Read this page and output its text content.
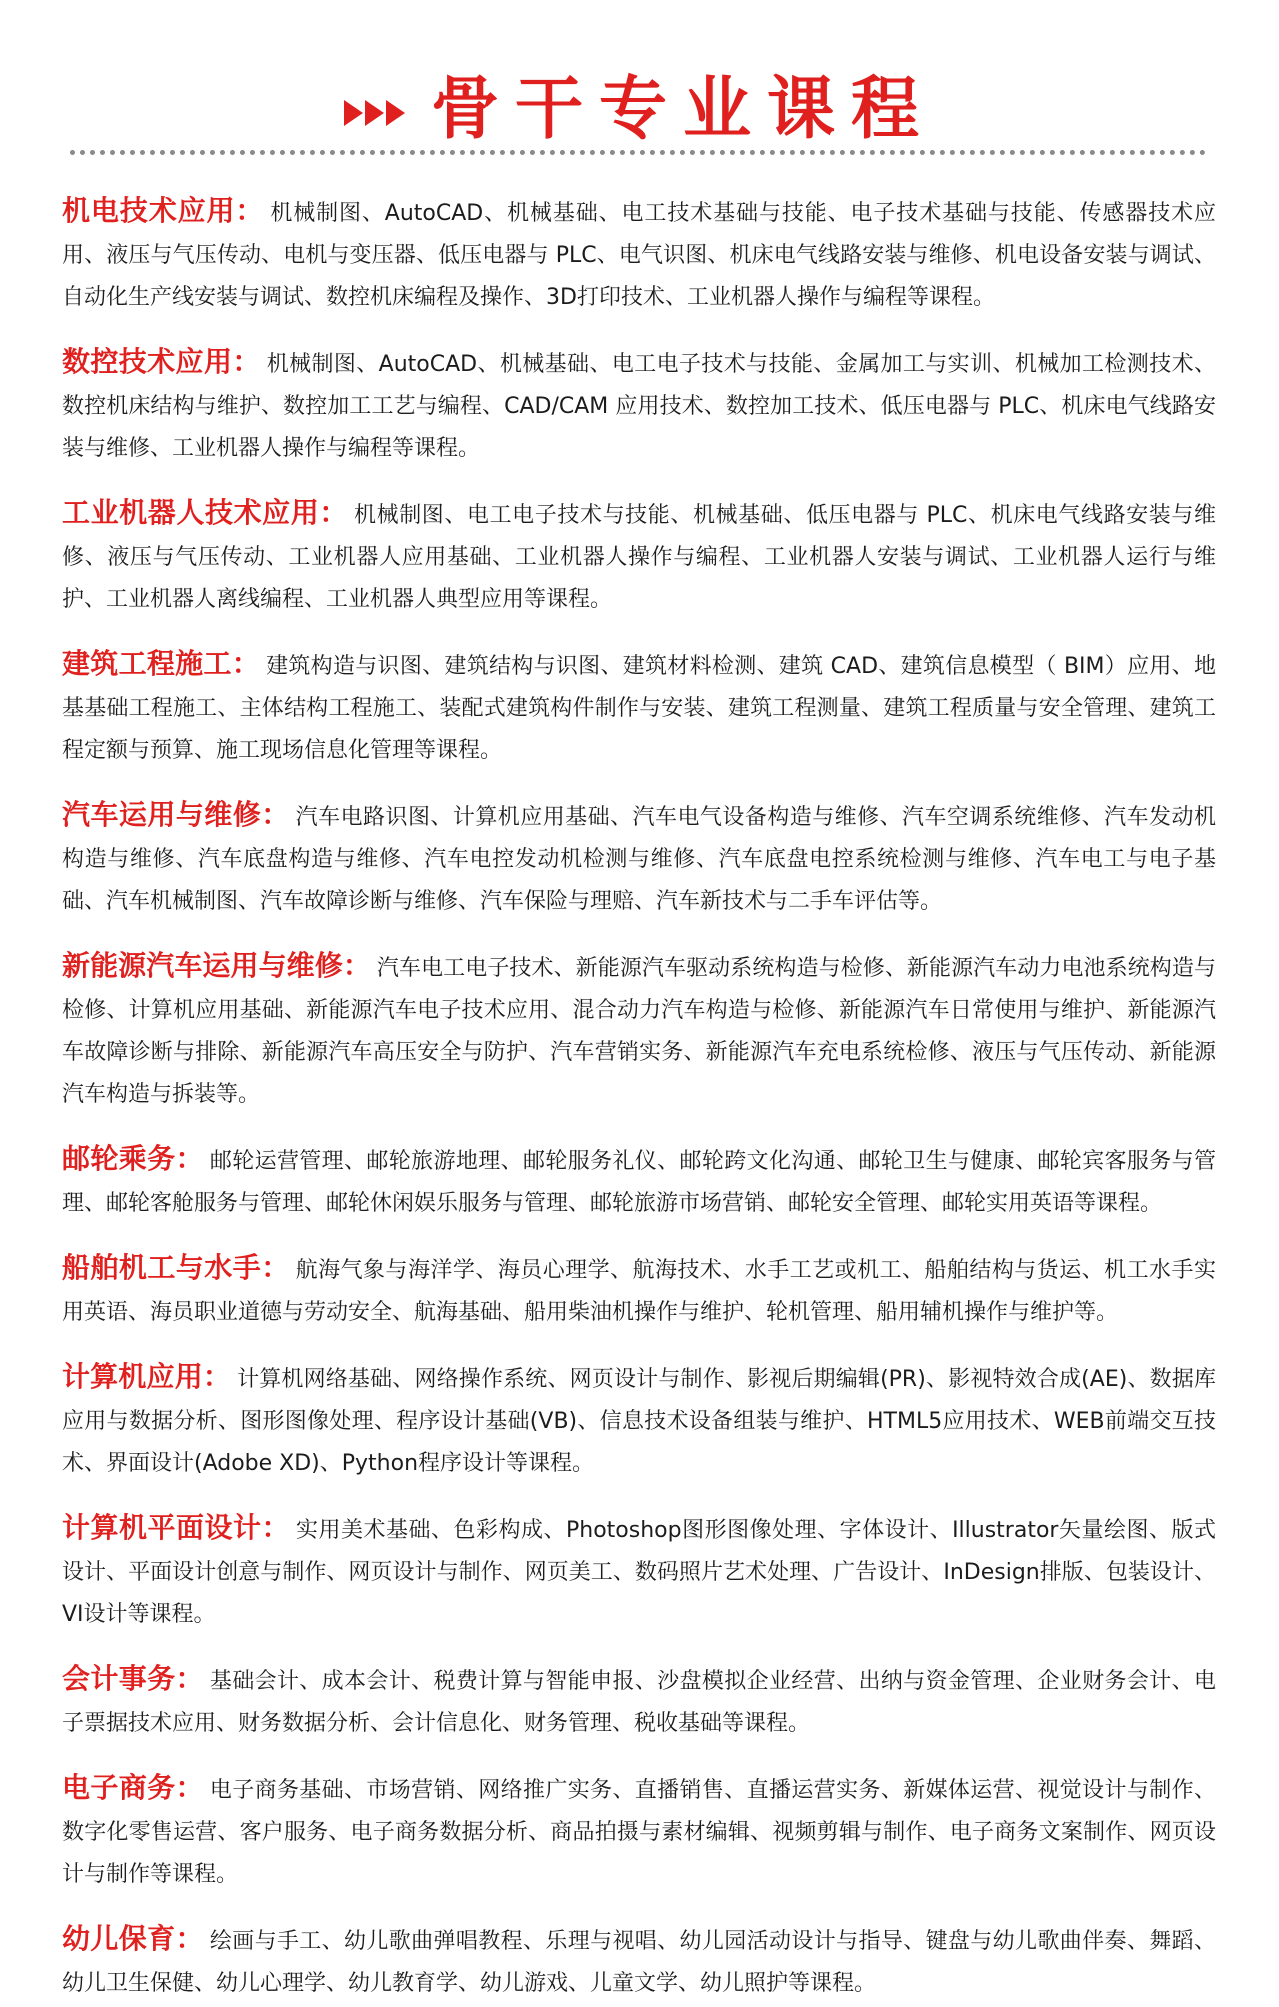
骨干专业课程

机电技术应用： 机械制图、AutoCAD、机械基础、电工技术基础与技能、电子技术基础与技能、传感器技术应用、液压与气压传动、电机与变压器、低压电器与 PLC、电气识图、机床电气线路安装与维修、机电设备安装与调试、自动化生产线安装与调试、数控机床编程及操作、3D打印技术、工业机器人操作与编程等课程。

数控技术应用： 机械制图、AutoCAD、机械基础、电工电子技术与技能、金属加工与实训、机械加工检测技术、数控机床结构与维护、数控加工工艺与编程、CAD/CAM 应用技术、数控加工技术、低压电器与 PLC、机床电气线路安装与维修、工业机器人操作与编程等课程。

工业机器人技术应用： 机械制图、电工电子技术与技能、机械基础、低压电器与 PLC、机床电气线路安装与维修、液压与气压传动、工业机器人应用基础、工业机器人操作与编程、工业机器人安装与调试、工业机器人运行与维护、工业机器人离线编程、工业机器人典型应用等课程。

建筑工程施工： 建筑构造与识图、建筑结构与识图、建筑材料检测、建筑 CAD、建筑信息模型（ BIM）应用、地基基础工程施工、主体结构工程施工、装配式建筑构件制作与安装、建筑工程测量、建筑工程质量与安全管理、建筑工程定额与预算、施工现场信息化管理等课程。

汽车运用与维修： 汽车电路识图、计算机应用基础、汽车电气设备构造与维修、汽车空调系统维修、汽车发动机构造与维修、汽车底盘构造与维修、汽车电控发动机检测与维修、汽车底盘电控系统检测与维修、汽车电工与电子基础、汽车机械制图、汽车故障诊断与维修、汽车保险与理赔、汽车新技术与二手车评估等。

新能源汽车运用与维修： 汽车电工电子技术、新能源汽车驱动系统构造与检修、新能源汽车动力电池系统构造与检修、计算机应用基础、新能源汽车电子技术应用、混合动力汽车构造与检修、新能源汽车日常使用与维护、新能源汽车故障诊断与排除、新能源汽车高压安全与防护、汽车营销实务、新能源汽车充电系统检修、液压与气压传动、新能源汽车构造与拆装等。

邮轮乘务： 邮轮运营管理、邮轮旅游地理、邮轮服务礼仪、邮轮跨文化沟通、邮轮卫生与健康、邮轮宾客服务与管理、邮轮客舱服务与管理、邮轮休闲娱乐服务与管理、邮轮旅游市场营销、邮轮安全管理、邮轮实用英语等课程。

船舶机工与水手： 航海气象与海洋学、海员心理学、航海技术、水手工艺或机工、船舶结构与货运、机工水手实用英语、海员职业道德与劳动安全、航海基础、船用柴油机操作与维护、轮机管理、船用辅机操作与维护等。

计算机应用： 计算机网络基础、网络操作系统、网页设计与制作、影视后期编辑(PR)、影视特效合成(AE)、数据库应用与数据分析、图形图像处理、程序设计基础(VB)、信息技术设备组装与维护、HTML5应用技术、WEB前端交互技术、界面设计(Adobe XD)、Python程序设计等课程。

计算机平面设计： 实用美术基础、色彩构成、Photoshop图形图像处理、字体设计、Illustrator矢量绘图、版式设计、平面设计创意与制作、网页设计与制作、网页美工、数码照片艺术处理、广告设计、InDesign排版、包装设计、VI设计等课程。

会计事务： 基础会计、成本会计、税费计算与智能申报、沙盘模拟企业经营、出纳与资金管理、企业财务会计、电子票据技术应用、财务数据分析、会计信息化、财务管理、税收基础等课程。

电子商务： 电子商务基础、市场营销、网络推广实务、直播销售、直播运营实务、新媒体运营、视觉设计与制作、数字化零售运营、客户服务、电子商务数据分析、商品拍摄与素材编辑、视频剪辑与制作、电子商务文案制作、网页设计与制作等课程。

幼儿保育： 绘画与手工、幼儿歌曲弹唱教程、乐理与视唱、幼儿园活动设计与指导、键盘与幼儿歌曲伴奏、舞蹈、幼儿卫生保健、幼儿心理学、幼儿教育学、幼儿游戏、儿童文学、幼儿照护等课程。
